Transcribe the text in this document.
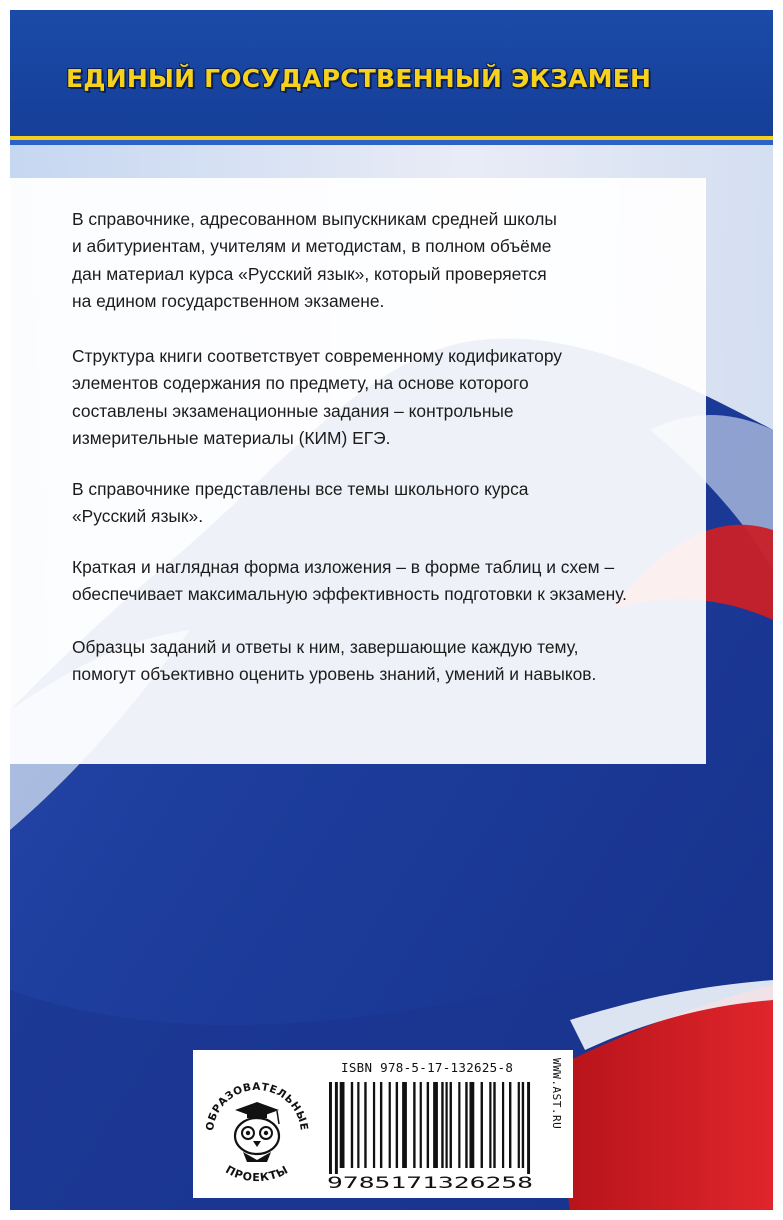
ЕДИНЫЙ ГОСУДАРСТВЕННЫЙ ЭКЗАМЕН

В справочнике, адресованном выпускникам средней школы
и абитуриентам, учителям и методистам, в полном объёме
дан материал курса «Русский язык», который проверяется
на едином государственном экзамене.

Структура книги соответствует современному кодификатору
элементов содержания по предмету, на основе которого
составлены экзаменационные задания – контрольные
измерительные материалы (КИМ) ЕГЭ.

В справочнике представлены все темы школьного курса
«Русский язык».

Краткая и наглядная форма изложения – в форме таблиц и схем –
обеспечивает максимальную эффективность подготовки к экзамену.

Образцы заданий и ответы к ним, завершающие каждую тему,
помогут объективно оценить уровень знаний, умений и навыков.

ОБРАЗОВАТЕЛЬНЫЕ
ПРОЕКТЫ

ISBN 978-5-17-132625-8

9785171326258

WWW.AST.RU
